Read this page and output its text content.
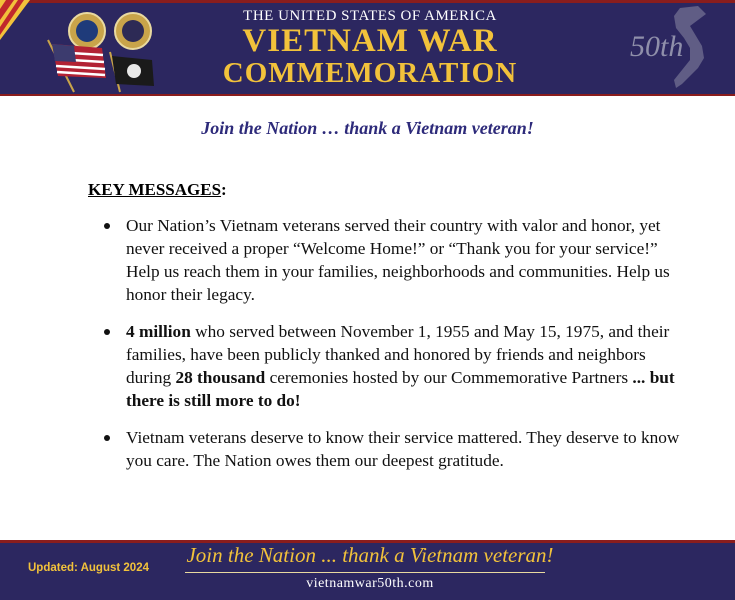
THE UNITED STATES OF AMERICA
VIETNAM WAR
COMMEMORATION
50th
Join the Nation … thank a Vietnam veteran!
KEY MESSAGES:
Our Nation’s Vietnam veterans served their country with valor and honor, yet never received a proper “Welcome Home!” or “Thank you for your service!” Help us reach them in your families, neighborhoods and communities. Help us honor their legacy.
4 million who served between November 1, 1955 and May 15, 1975, and their families, have been publicly thanked and honored by friends and neighbors during 28 thousand ceremonies hosted by our Commemorative Partners ... but there is still more to do!
Vietnam veterans deserve to know their service mattered. They deserve to know you care. The Nation owes them our deepest gratitude.
Updated: August 2024
Join the Nation ... thank a Vietnam veteran!
vietnamwar50th.com
